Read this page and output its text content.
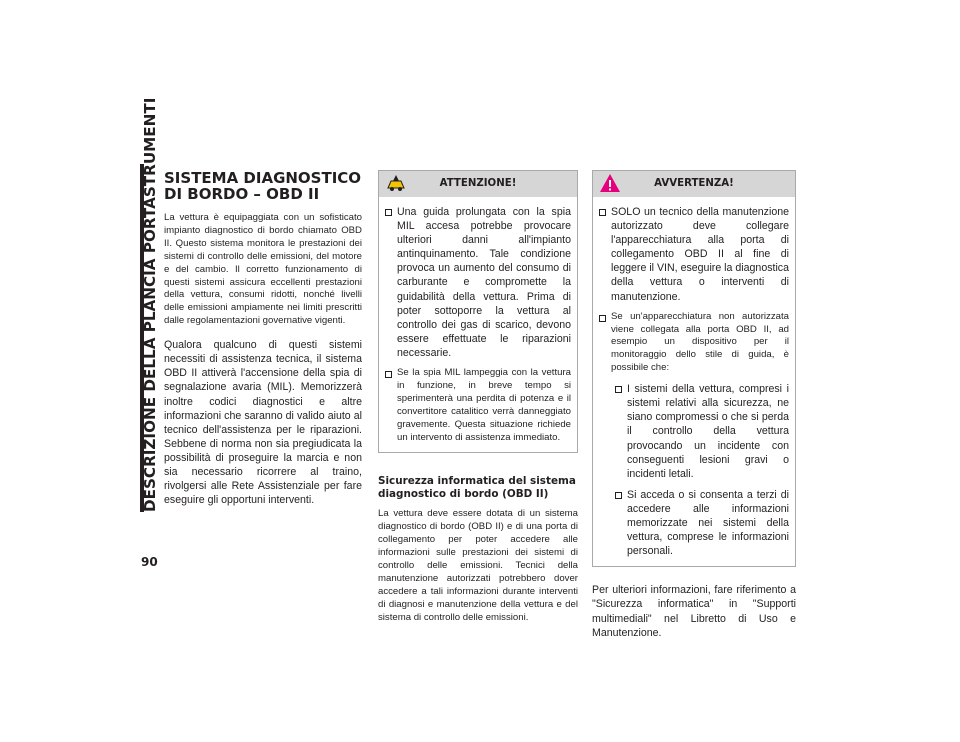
DESCRIZIONE DELLA PLANCIA PORTASTRUMENTI
90
SISTEMA DIAGNOSTICO DI BORDO – OBD II

La vettura è equipaggiata con un sofisticato impianto diagnostico di bordo chiamato OBD II. Questo sistema monitora le prestazioni dei sistemi di controllo delle emissioni, del motore e del cambio. Il corretto funzionamento di questi sistemi assicura eccellenti prestazioni della vettura, consumi ridotti, nonché livelli delle emissioni ampiamente nei limiti prescritti dalle regolamentazioni governative vigenti.

Qualora qualcuno di questi sistemi necessiti di assistenza tecnica, il sistema OBD II attiverà l'accensione della spia di segnalazione avaria (MIL). Memorizzerà inoltre codici diagnostici e altre informazioni che saranno di valido aiuto al tecnico dell'assistenza per le riparazioni. Sebbene di norma non sia pregiudicata la possibilità di proseguire la marcia e non sia necessario ricorrere al traino, rivolgersi alle Rete Assistenziale per fare eseguire gli opportuni interventi.

ATTENZIONE!

Una guida prolungata con la spia MIL accesa potrebbe provocare ulteriori danni all'impianto antinquinamento. Tale condizione provoca un aumento del consumo di carburante e compromette la guidabilità della vettura. Prima di poter sottoporre la vettura al controllo dei gas di scarico, devono essere effettuate le riparazioni necessarie.

Se la spia MIL lampeggia con la vettura in funzione, in breve tempo si sperimenterà una perdita di potenza e il convertitore catalitico verrà danneggiato gravemente. Questa situazione richiede un intervento di assistenza immediato.

Sicurezza informatica del sistema diagnostico di bordo (OBD II)

La vettura deve essere dotata di un sistema diagnostico di bordo (OBD II) e di una porta di collegamento per poter accedere alle informazioni sulle prestazioni dei sistemi di controllo delle emissioni. Tecnici della manutenzione autorizzati potrebbero dover accedere a tali informazioni durante interventi di diagnosi e manutenzione della vettura e del sistema di controllo delle emissioni.

AVVERTENZA!

SOLO un tecnico della manutenzione autorizzato deve collegare l'apparecchiatura alla porta di collegamento OBD II al fine di leggere il VIN, eseguire la diagnostica della vettura o interventi di manutenzione.

Se un'apparecchiatura non autorizzata viene collegata alla porta OBD II, ad esempio un dispositivo per il monitoraggio dello stile di guida, è possibile che:

I sistemi della vettura, compresi i sistemi relativi alla sicurezza, ne siano compromessi o che si perda il controllo della vettura provocando un incidente con conseguenti lesioni gravi o incidenti letali.

Si acceda o si consenta a terzi di accedere alle informazioni memorizzate nei sistemi della vettura, comprese le informazioni personali.

Per ulteriori informazioni, fare riferimento a "Sicurezza informatica" in "Supporti multimediali" nel Libretto di Uso e Manutenzione.
